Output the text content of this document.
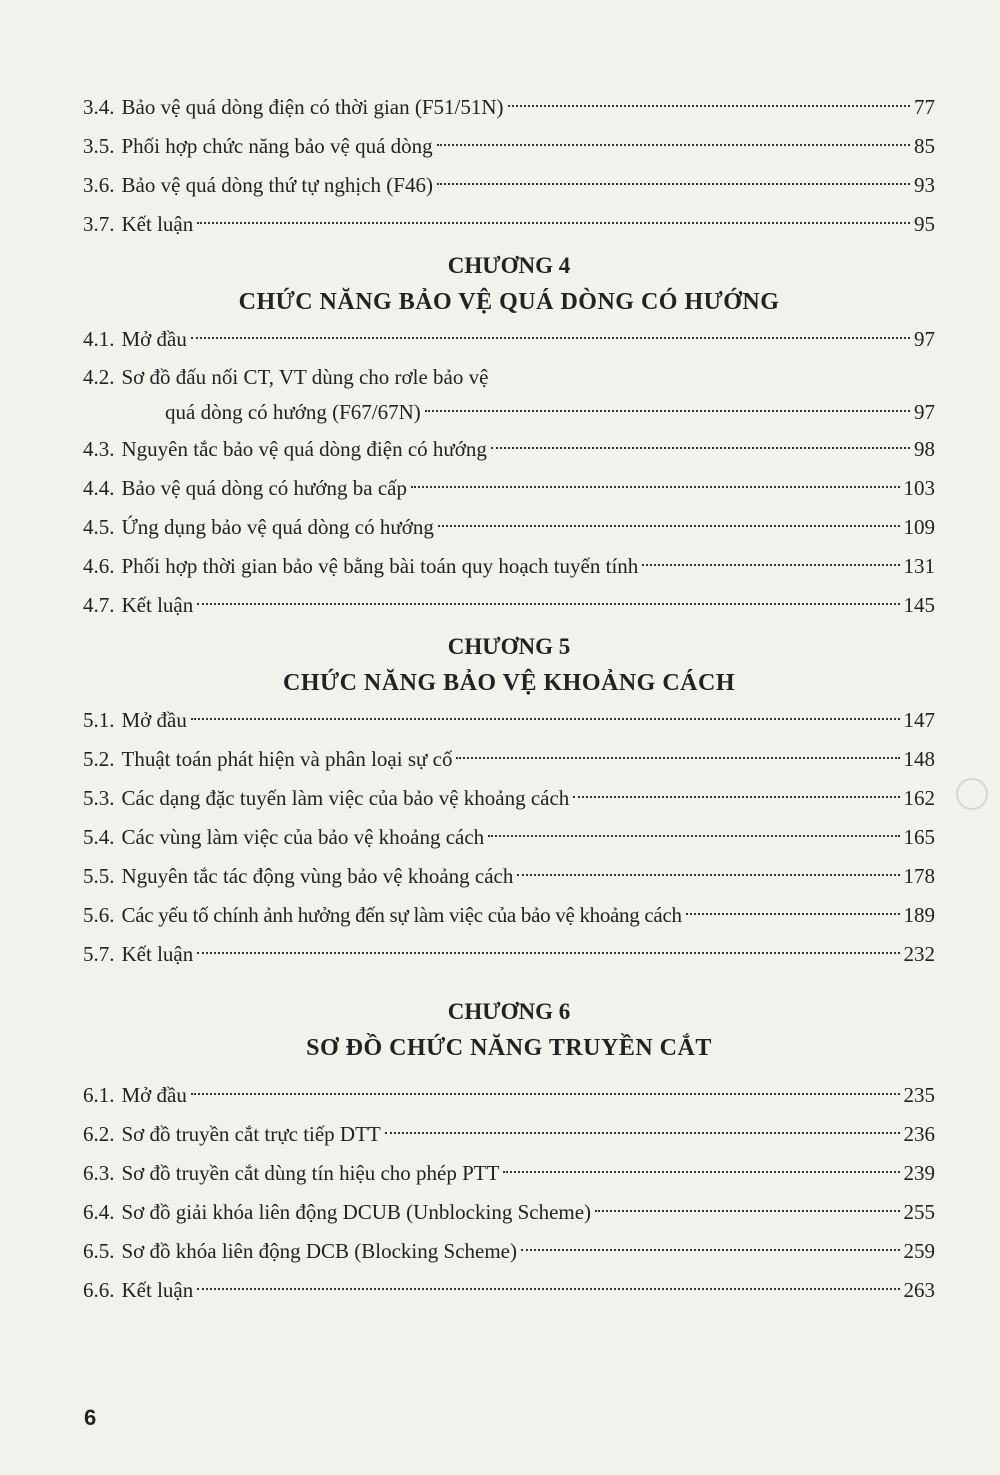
3.4. Bảo vệ quá dòng điện có thời gian (F51/51N)	77
3.5. Phối hợp chức năng bảo vệ quá dòng	85
3.6. Bảo vệ quá dòng thứ tự nghịch (F46)	93
3.7. Kết luận	95
CHƯƠNG 4
CHỨC NĂNG BẢO VỆ QUÁ DÒNG CÓ HƯỚNG
4.1. Mở đầu	97
4.2. Sơ đồ đấu nối CT, VT dùng cho rơle bảo vệ
quá dòng có hướng (F67/67N)	97
4.3. Nguyên tắc bảo vệ quá dòng điện có hướng	98
4.4. Bảo vệ quá dòng có hướng ba cấp	103
4.5. Ứng dụng bảo vệ quá dòng có hướng	109
4.6. Phối hợp thời gian bảo vệ bằng bài toán quy hoạch tuyến tính	131
4.7. Kết luận	145
CHƯƠNG 5
CHỨC NĂNG BẢO VỆ KHOẢNG CÁCH
5.1. Mở đầu	147
5.2. Thuật toán phát hiện và phân loại sự cố	148
5.3. Các dạng đặc tuyến làm việc của bảo vệ khoảng cách	162
5.4. Các vùng làm việc của bảo vệ khoảng cách	165
5.5. Nguyên tắc tác động vùng bảo vệ khoảng cách	178
5.6. Các yếu tố chính ảnh hưởng đến sự làm việc của bảo vệ khoảng cách	189
5.7. Kết luận	232
CHƯƠNG 6
SƠ ĐỒ CHỨC NĂNG TRUYỀN CẮT
6.1. Mở đầu	235
6.2. Sơ đồ truyền cắt trực tiếp DTT	236
6.3. Sơ đồ truyền cắt dùng tín hiệu cho phép PTT	239
6.4. Sơ đồ giải khóa liên động DCUB (Unblocking Scheme)	255
6.5. Sơ đồ khóa liên động DCB (Blocking Scheme)	259
6.6. Kết luận	263
6
